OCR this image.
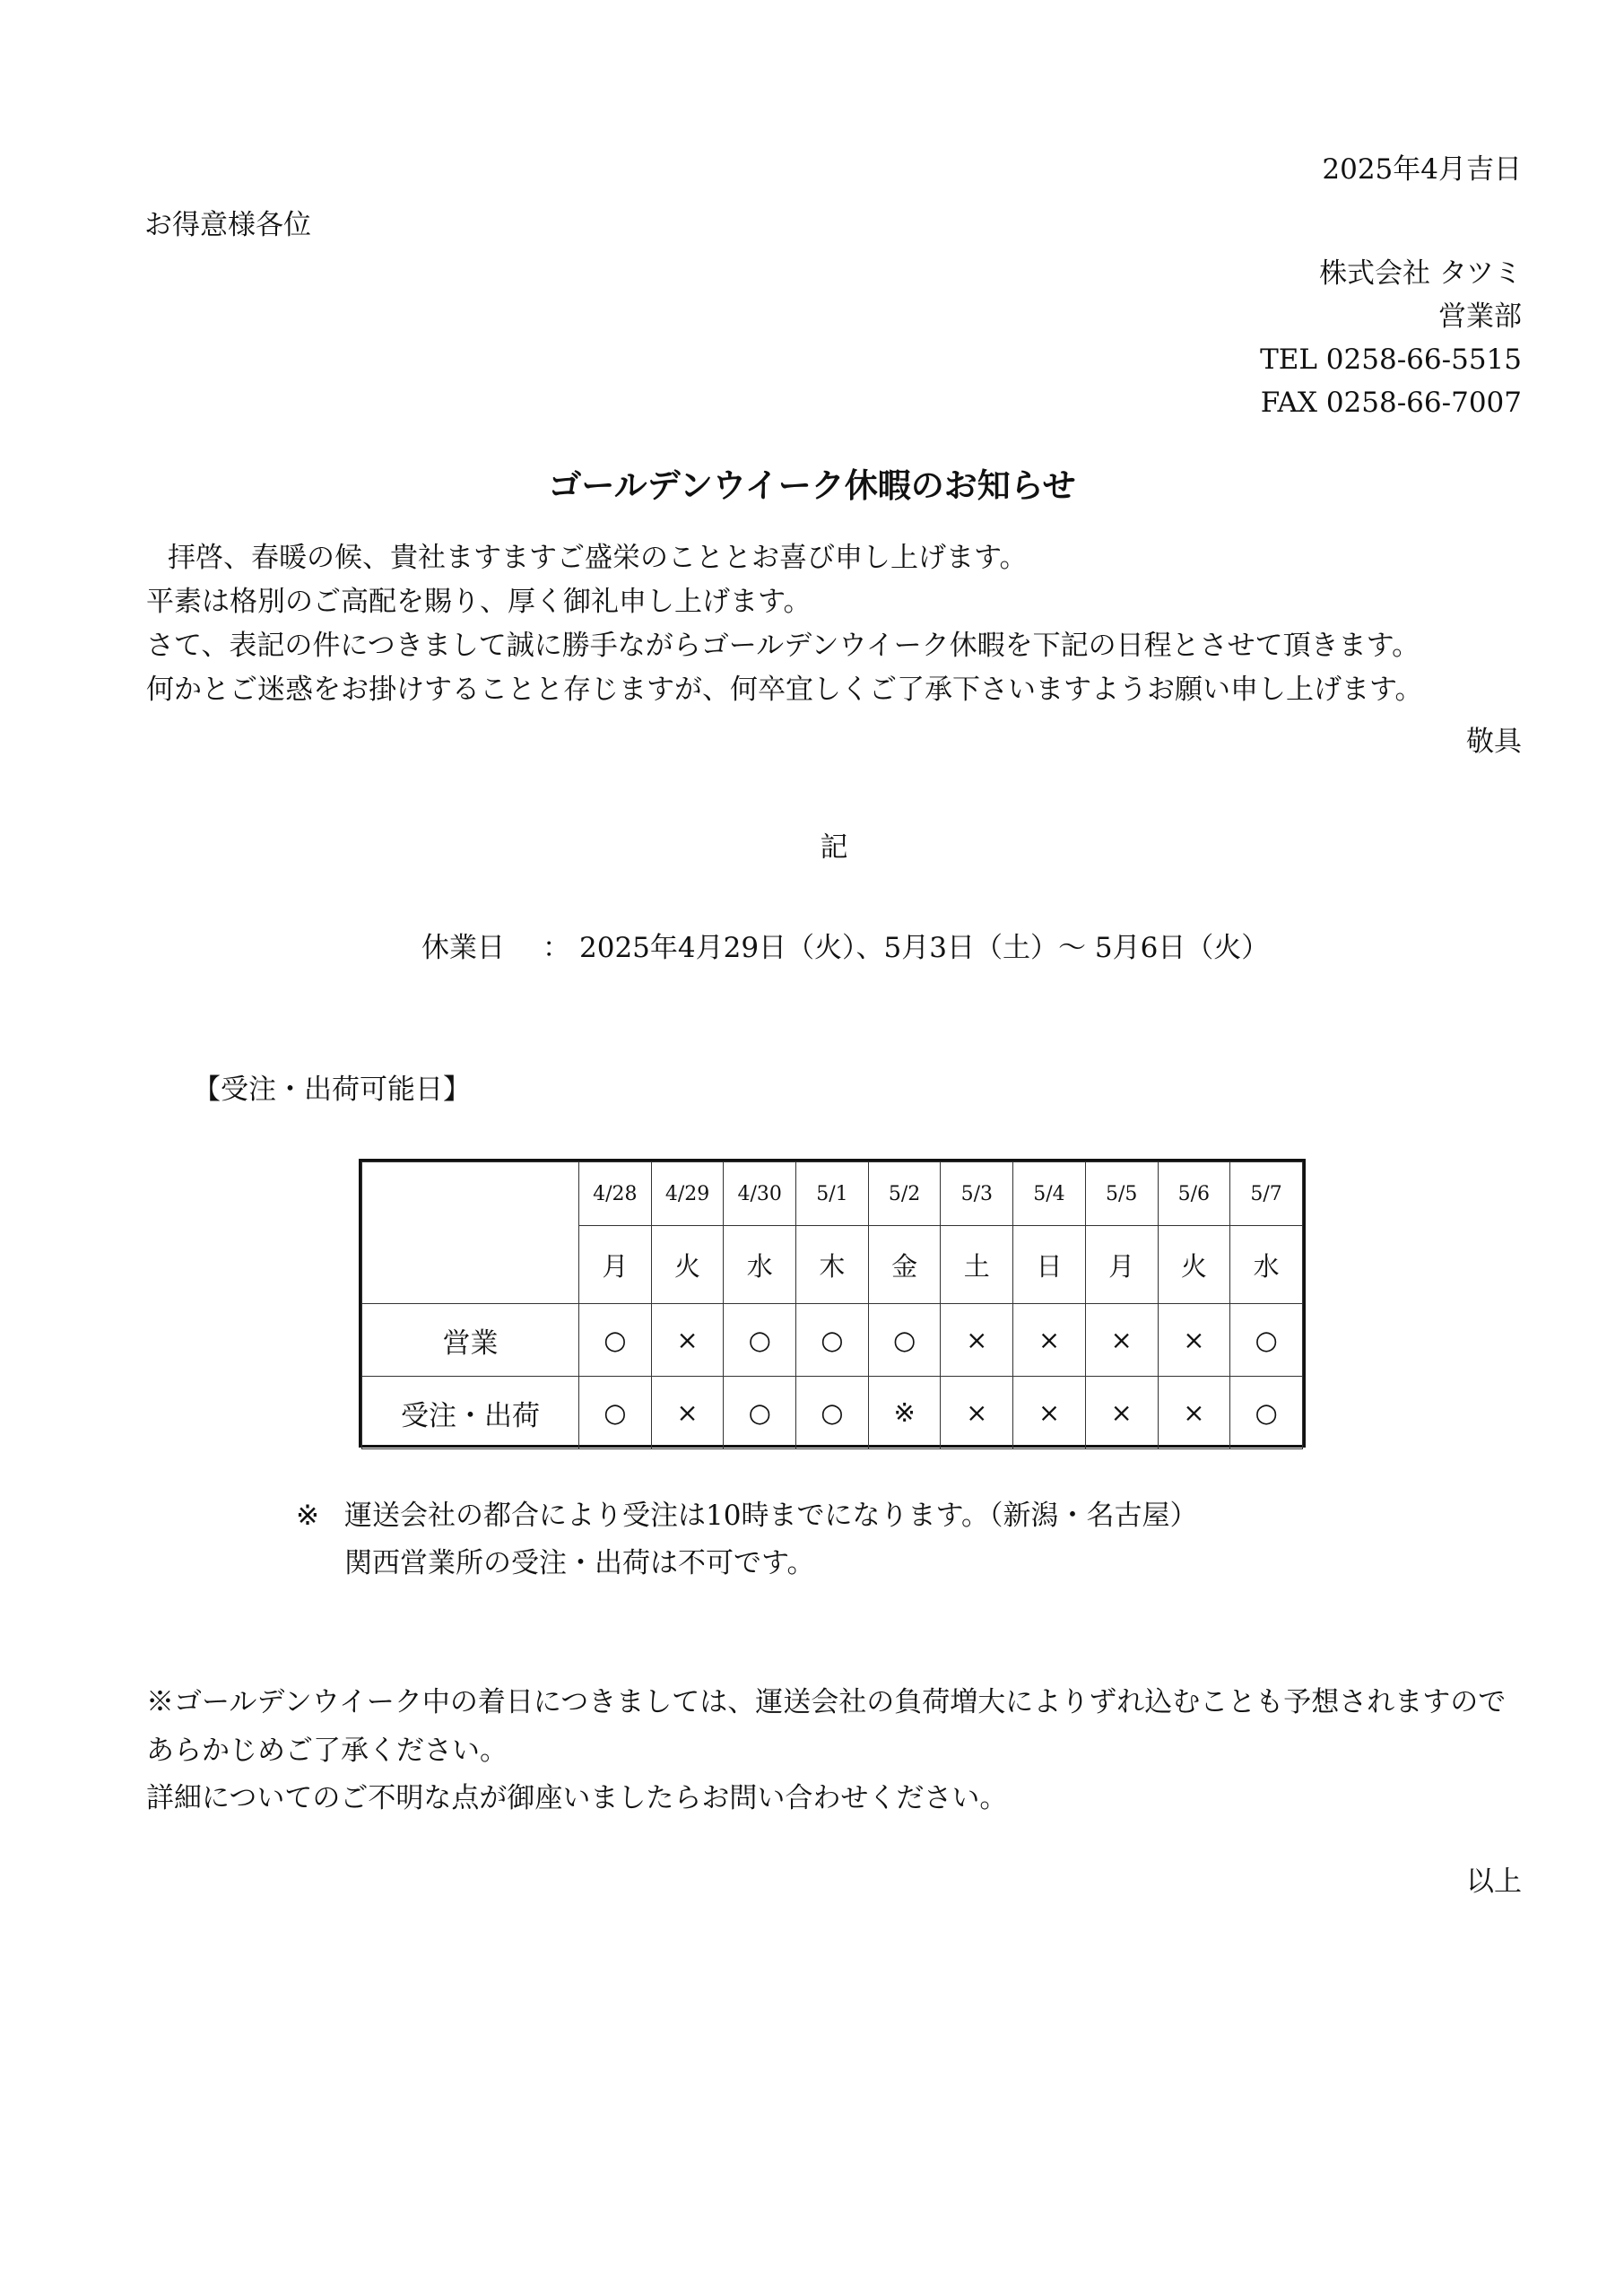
2025年4月吉日
お得意様各位
株式会社 タツミ
営業部
TEL 0258-66-5515
FAX 0258-66-7007
ゴールデンウイーク休暇のお知らせ
拝啓、春暖の候、貴社ますますご盛栄のこととお喜び申し上げます。
平素は格別のご高配を賜り、厚く御礼申し上げます。
さて、表記の件につきまして誠に勝手ながらゴールデンウイーク休暇を下記の日程とさせて頂きます。
何かとご迷惑をお掛けすることと存じますが、何卒宜しくご了承下さいますようお願い申し上げます。
敬具
記
休業日 ： 2025年4月29日（火）、5月3日（土）～ 5月6日（火）
【受注・出荷可能日】
	4/28	4/29	4/30	5/1	5/2	5/3	5/4	5/5	5/6	5/7
	月	火	水	木	金	土	日	月	火	水
営業	○	×	○	○	○	×	×	×	×	○
受注・出荷	○	×	○	○	※	×	×	×	×	○
※ 運送会社の都合により受注は10時までになります。（新潟・名古屋）
関西営業所の受注・出荷は不可です。
※ゴールデンウイーク中の着日につきましては、運送会社の負荷増大によりずれ込むことも予想されますので
あらかじめご了承ください。
詳細についてのご不明な点が御座いましたらお問い合わせください。
以上
